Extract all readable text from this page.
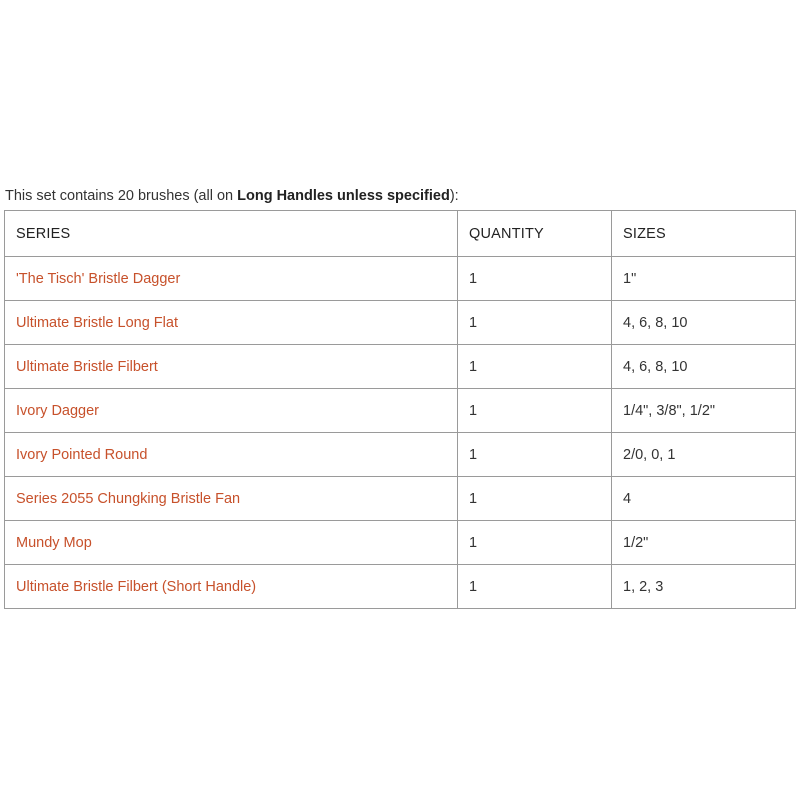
This set contains 20 brushes (all on Long Handles unless specified):

SERIES	QUANTITY	SIZES
'The Tisch' Bristle Dagger	1	1"
Ultimate Bristle Long Flat	1	4, 6, 8, 10
Ultimate Bristle Filbert	1	4, 6, 8, 10
Ivory Dagger	1	1/4", 3/8", 1/2"
Ivory Pointed Round	1	2/0, 0, 1
Series 2055 Chungking Bristle Fan	1	4
Mundy Mop	1	1/2"
Ultimate Bristle Filbert (Short Handle)	1	1, 2, 3
